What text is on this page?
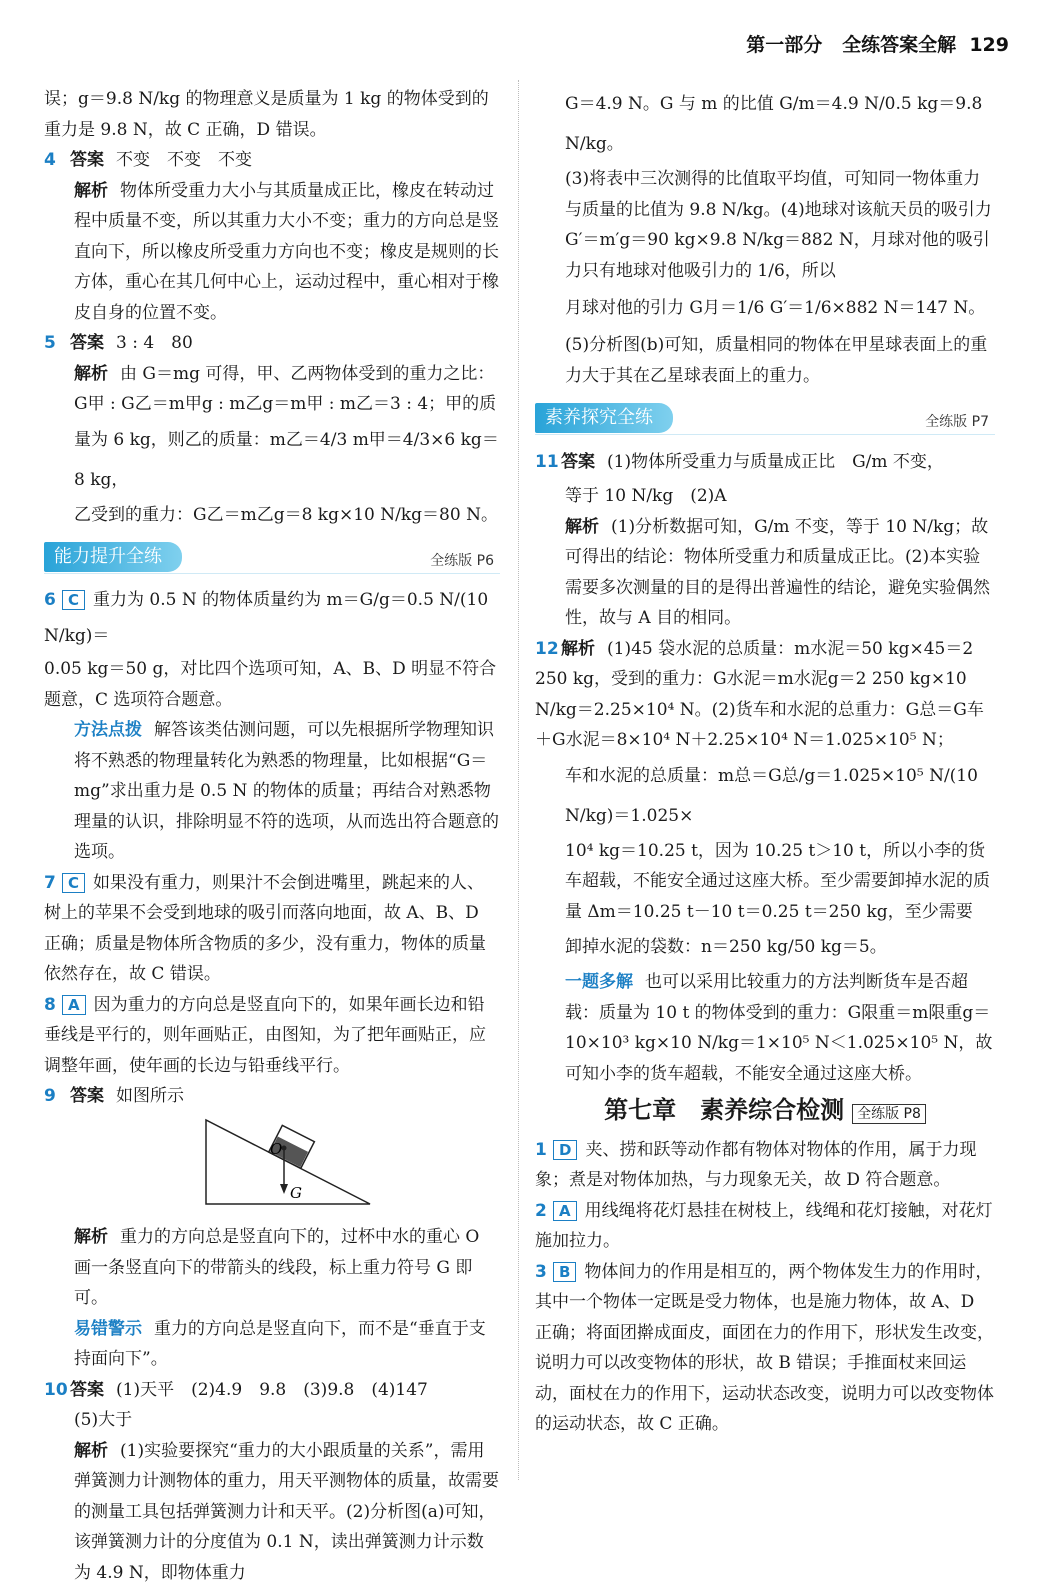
第一部分 全练答案全解 129

误；g＝9.8 N/kg 的物理意义是质量为 1 kg 的物体受到的重力是 9.8 N，故 C 正确，D 错误。

4 答案 不变　不变　不变

解析 物体所受重力大小与其质量成正比，橡皮在转动过程中质量不变，所以其重力大小不变；重力的方向总是竖直向下，所以橡皮所受重力方向也不变；橡皮是规则的长方体，重心在其几何中心上，运动过程中，重心相对于橡皮自身的位置不变。

5 答案 3 : 4　80

解析 由 G＝mg 可得，甲、乙两物体受到的重力之比：G甲 : G乙＝m甲g : m乙g＝m甲 : m乙＝3 : 4；甲的质

量为 6 kg，则乙的质量：m乙＝4/3 m甲＝4/3×6 kg＝8 kg，

乙受到的重力：G乙＝m乙g＝8 kg×10 N/kg＝80 N。

能力提升全练	全练版 P6

6 C 重力为 0.5 N 的物体质量约为 m＝G/g＝0.5 N/(10 N/kg)＝

0.05 kg＝50 g，对比四个选项可知，A、B、D 明显不符合题意，C 选项符合题意。

方法点拨 解答该类估测问题，可以先根据所学物理知识将不熟悉的物理量转化为熟悉的物理量，比如根据“G＝mg”求出重力是 0.5 N 的物体的质量；再结合对熟悉物理量的认识，排除明显不符的选项，从而选出符合题意的选项。

7 C 如果没有重力，则果汁不会倒进嘴里，跳起来的人、树上的苹果不会受到地球的吸引而落向地面，故 A、B、D 正确；质量是物体所含物质的多少，没有重力，物体的质量依然存在，故 C 错误。

8 A 因为重力的方向总是竖直向下的，如果年画长边和铅垂线是平行的，则年画贴正，由图知，为了把年画贴正，应调整年画，使年画的长边与铅垂线平行。

9 答案 如图所示

O
G

解析 重力的方向总是竖直向下的，过杯中水的重心 O 画一条竖直向下的带箭头的线段，标上重力符号 G 即可。

易错警示 重力的方向总是竖直向下，而不是“垂直于支持面向下”。

10 答案 (1)天平　(2)4.9　9.8　(3)9.8　(4)147

(5)大于

解析 (1)实验要探究“重力的大小跟质量的关系”，需用弹簧测力计测物体的重力，用天平测物体的质量，故需要的测量工具包括弹簧测力计和天平。(2)分析图(a)可知，该弹簧测力计的分度值为 0.1 N，读出弹簧测力计示数为 4.9 N，即物体重力

G＝4.9 N。G 与 m 的比值 G/m＝4.9 N/0.5 kg＝9.8 N/kg。

(3)将表中三次测得的比值取平均值，可知同一物体重力与质量的比值为 9.8 N/kg。(4)地球对该航天员的吸引力 G′＝m′g＝90 kg×9.8 N/kg＝882 N，月球对他的吸引力只有地球对他吸引力的 1/6，所以

月球对他的引力 G月＝1/6 G′＝1/6×882 N＝147 N。

(5)分析图(b)可知，质量相同的物体在甲星球表面上的重力大于其在乙星球表面上的重力。

素养探究全练	全练版 P7

11 答案 (1)物体所受重力与质量成正比　G/m 不变，

等于 10 N/kg　(2)A

解析 (1)分析数据可知，G/m 不变，等于 10 N/kg；故可得出的结论：物体所受重力和质量成正比。(2)本实验需要多次测量的目的是得出普遍性的结论，避免实验偶然性，故与 A 目的相同。

12 解析 (1)45 袋水泥的总质量：m水泥＝50 kg×45＝2 250 kg，受到的重力：G水泥＝m水泥g＝2 250 kg×10 N/kg＝2.25×10⁴ N。(2)货车和水泥的总重力：G总＝G车＋G水泥＝8×10⁴ N＋2.25×10⁴ N＝1.025×10⁵ N；

车和水泥的总质量：m总＝G总/g＝1.025×10⁵ N/(10 N/kg)＝1.025×

10⁴ kg＝10.25 t，因为 10.25 t＞10 t，所以小李的货车超载，不能安全通过这座大桥。至少需要卸掉水泥的质量 Δm＝10.25 t－10 t＝0.25 t＝250 kg，至少需要

卸掉水泥的袋数：n＝250 kg/50 kg＝5。

一题多解 也可以采用比较重力的方法判断货车是否超载：质量为 10 t 的物体受到的重力：G限重＝m限重g＝10×10³ kg×10 N/kg＝1×10⁵ N＜1.025×10⁵ N，故可知小李的货车超载，不能安全通过这座大桥。

第七章　素养综合检测 全练版 P8

1 D 夹、捞和跃等动作都有物体对物体的作用，属于力现象；煮是对物体加热，与力现象无关，故 D 符合题意。

2 A 用线绳将花灯悬挂在树枝上，线绳和花灯接触，对花灯施加拉力。

3 B 物体间力的作用是相互的，两个物体发生力的作用时，其中一个物体一定既是受力物体，也是施力物体，故 A、D 正确；将面团擀成面皮，面团在力的作用下，形状发生改变，说明力可以改变物体的形状，故 B 错误；手推面杖来回运动，面杖在力的作用下，运动状态改变，说明力可以改变物体的运动状态，故 C 正确。
